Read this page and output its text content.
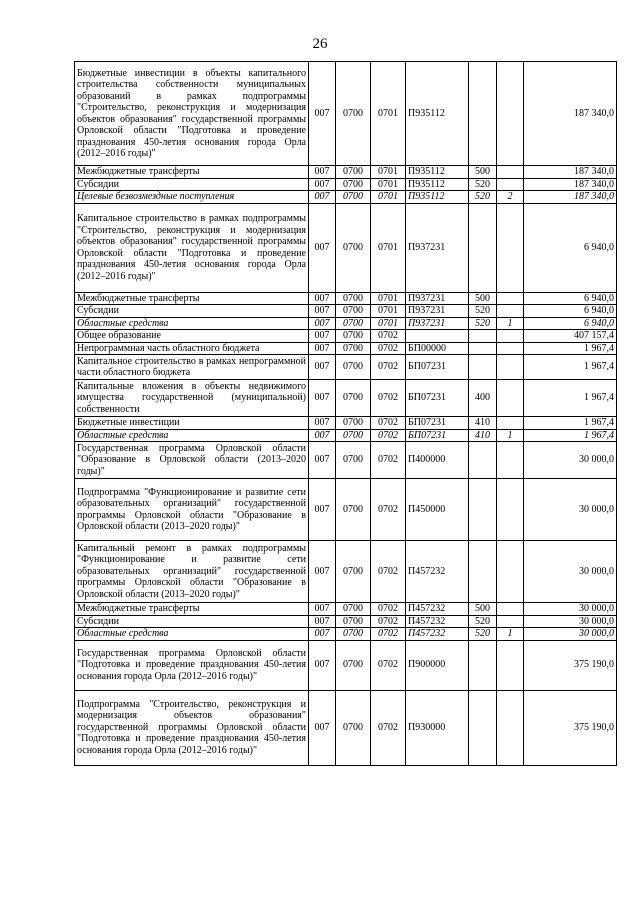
26
Бюджетные инвестиции в объекты капитального строительства собственности муниципальных образований в рамках подпрограммы "Строительство, реконструкция и модернизация объектов образования" государственной программы Орловской области "Подготовка и проведение празднования 450-летия основания города Орла (2012–2016 годы)"	007	0700	0701	П935112			187 340,0
Межбюджетные трансферты	007	0700	0701	П935112	500		187 340,0
Субсидии	007	0700	0701	П935112	520		187 340,0
Целевые безвозмездные поступления	007	0700	0701	П935112	520	2	187 340,0
Капитальное строительство в рамках подпрограммы "Строительство, реконструкция и модернизация объектов образования" государственной программы Орловской области "Подготовка и проведение празднования 450-летия основания города Орла (2012–2016 годы)"	007	0700	0701	П937231			6 940,0
Межбюджетные трансферты	007	0700	0701	П937231	500		6 940,0
Субсидии	007	0700	0701	П937231	520		6 940,0
Областные средства	007	0700	0701	П937231	520	1	6 940,0
Общее образование	007	0700	0702				407 157,4
Непрограммная часть областного бюджета	007	0700	0702	БП00000			1 967,4
Капитальное строительство в рамках непрограммной части областного бюджета	007	0700	0702	БП07231			1 967,4
Капитальные вложения в объекты недвижимого имущества государственной (муниципальной) собственности	007	0700	0702	БП07231	400		1 967,4
Бюджетные инвестиции	007	0700	0702	БП07231	410		1 967,4
Областные средства	007	0700	0702	БП07231	410	1	1 967,4
Государственная программа Орловской области "Образование в Орловской области (2013–2020 годы)"	007	0700	0702	П400000			30 000,0
Подпрограмма "Функционирование и развитие сети образовательных организаций" государственной программы Орловской области "Образование в Орловской области (2013–2020 годы)"	007	0700	0702	П450000			30 000,0
Капитальный ремонт в рамках подпрограммы "Функционирование и развитие сети образовательных организаций" государственной программы Орловской области "Образование в Орловской области (2013–2020 годы)"	007	0700	0702	П457232			30 000,0
Межбюджетные трансферты	007	0700	0702	П457232	500		30 000,0
Субсидии	007	0700	0702	П457232	520		30 000,0
Областные средства	007	0700	0702	П457232	520	1	30 000,0
Государственная программа Орловской области "Подготовка и проведение празднования 450-летия основания города Орла (2012–2016 годы)"	007	0700	0702	П900000			375 190,0
Подпрограмма "Строительство, реконструкция и модернизация объектов образования" государственной программы Орловской области "Подготовка и проведение празднования 450-летия основания города Орла (2012–2016 годы)"	007	0700	0702	П930000			375 190,0
